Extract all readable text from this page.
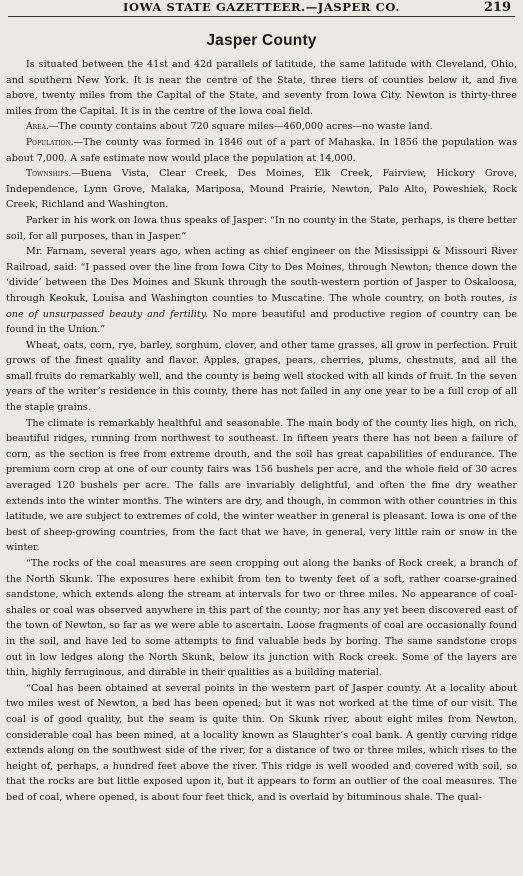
IOWA STATE GAZETTEER.—JASPER CO.	219
Jasper County

Is situated between the 41st and 42d parallels of latitude, the same latitude with Cleveland, Ohio, and southern New York. It is near the centre of the State, three tiers of counties below it, and five above, twenty miles from the Capital of the State, and seventy from Iowa City. Newton is thirty-three miles from the Capital. It is in the centre of the Iowa coal field.

Area.—The county contains about 720 square miles—460,000 acres—no waste land.

Population.—The county was formed in 1846 out of a part of Mahaska. In 1856 the population was about 7,000. A safe estimate now would place the population at 14,000.

Townships.—Buena Vista, Clear Creek, Des Moines, Elk Creek, Fairview, Hickory Grove, Independence, Lynn Grove, Malaka, Mariposa, Mound Prairie, Newton, Palo Alto, Poweshiek, Rock Creek, Richland and Washington.

Parker in his work on Iowa thus speaks of Jasper: “In no county in the State, perhaps, is there better soil, for all purposes, than in Jasper.”

Mr. Farnam, several years ago, when acting as chief engineer on the Mississippi & Missouri River Railroad, said: “I passed over the line from Iowa City to Des Moines, through Newton; thence down the ‘divide’ between the Des Moines and Skunk through the south-western portion of Jasper to Oskaloosa, through Keokuk, Louisa and Washington counties to Muscatine. The whole country, on both routes, is one of unsurpassed beauty and fertility. No more beautiful and productive region of country can be found in the Union.”

Wheat, oats, corn, rye, barley, sorghum, clover, and other tame grasses, all grow in perfection. Fruit grows of the finest quality and flavor. Apples, grapes, pears, cherries, plums, chestnuts, and all the small fruits do remarkably well, and the county is being well stocked with all kinds of fruit. In the seven years of the writer’s residence in this county, there has not failed in any one year to be a full crop of all the staple grains.

The climate is remarkably healthful and seasonable. The main body of the county lies high, on rich, beautiful ridges, running from northwest to southeast. In fifteen years there has not been a failure of corn, as the section is free from extreme drouth, and the soil has great capabilities of endurance. The premium corn crop at one of our county fairs was 156 bushels per acre, and the whole field of 30 acres averaged 120 bushels per acre. The falls are invariably delightful, and often the fine dry weather extends into the winter months. The winters are dry, and though, in common with other countries in this latitude, we are subject to extremes of cold, the winter weather in general is pleasant. Iowa is one of the best of sheep-growing countries, from the fact that we have, in general, very little rain or snow in the winter.

“The rocks of the coal measures are seen cropping out along the banks of Rock creek, a branch of the North Skunk. The exposures here exhibit from ten to twenty feet of a soft, rather coarse-grained sandstone, which extends along the stream at intervals for two or three miles. No appearance of coal-shales or coal was observed anywhere in this part of the county; nor has any yet been discovered east of the town of Newton, so far as we were able to ascertain. Loose fragments of coal are occasionally found in the soil, and have led to some attempts to find valuable beds by boring. The same sandstone crops out in low ledges along the North Skunk, below its junction with Rock creek. Some of the layers are thin, highly ferruginous, and durable in their qualities as a building material.

“Coal has been obtained at several points in the western part of Jasper county. At a locality about two miles west of Newton, a bed has been opened; but it was not worked at the time of our visit. The coal is of good quality, but the seam is quite thin. On Skunk river, about eight miles from Newton, considerable coal has been mined, at a locality known as Slaughter’s coal bank. A gently curving ridge extends along on the southwest side of the river, for a distance of two or three miles, which rises to the height of, perhaps, a hundred feet above the river. This ridge is well wooded and covered with soil, so that the rocks are but little exposed upon it, but it appears to form an outlier of the coal measures. The bed of coal, where opened, is about four feet thick, and is overlaid by bituminous shale. The qual-
